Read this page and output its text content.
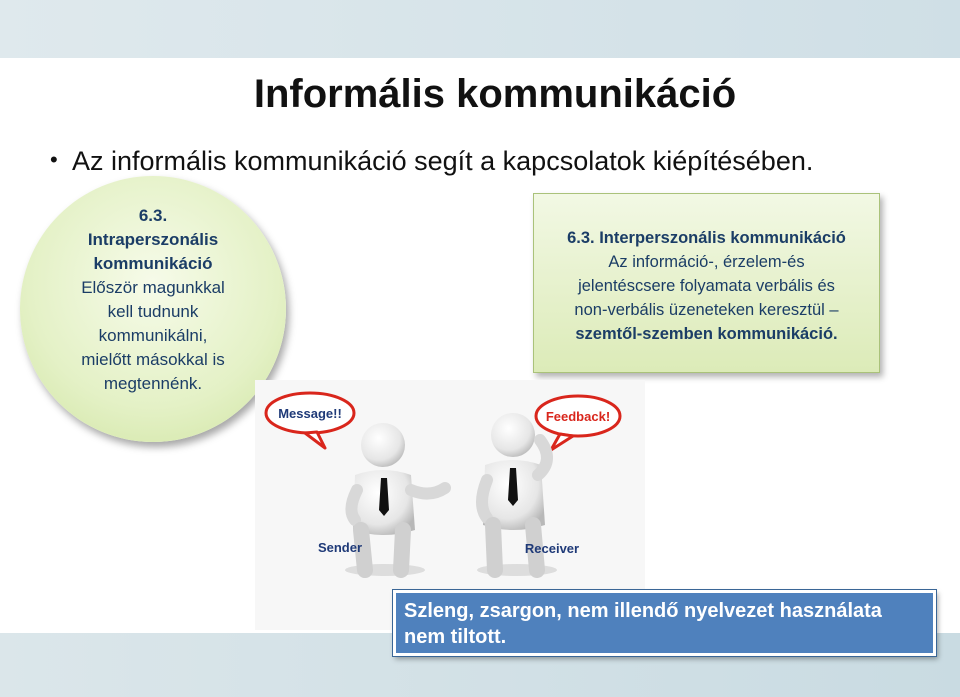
Informális kommunikáció
• Az informális kommunikáció segít a kapcsolatok kiépítésében.
6.3.
Intraperszonális
kommunikáció
Először magunkkal
kell tudnunk
kommunikálni,
mielőtt másokkal is
megtennénk.
6.3. Interperszonális kommunikáció
Az információ-, érzelem-és
jelentéscsere folyamata verbális és
non-verbális üzeneteken keresztül –
szemtől-szemben kommunikáció.
Message!!	Feedback!
Sender	Receiver
Szleng, zsargon, nem illendő nyelvezet használata nem tiltott.
